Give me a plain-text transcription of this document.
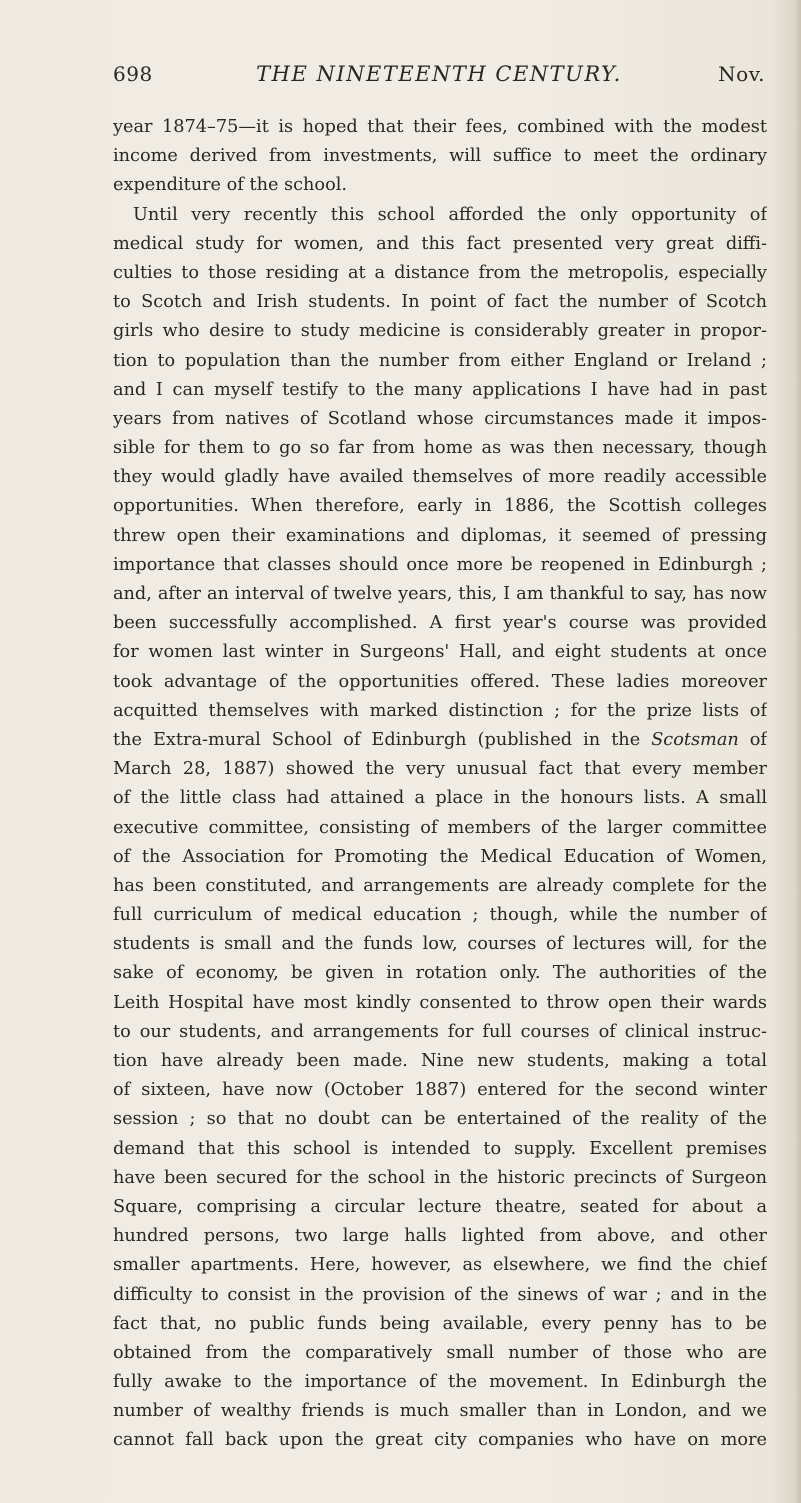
698	THE NINETEENTH CENTURY.	Nov.
year 1874–75—it is hoped that their fees, combined with the modest
income derived from investments, will suffice to meet the ordinary
expenditure of the school.
Until very recently this school afforded the only opportunity of
medical study for women, and this fact presented very great diffi-
culties to those residing at a distance from the metropolis, especially
to Scotch and Irish students. In point of fact the number of Scotch
girls who desire to study medicine is considerably greater in propor-
tion to population than the number from either England or Ireland ;
and I can myself testify to the many applications I have had in past
years from natives of Scotland whose circumstances made it impos-
sible for them to go so far from home as was then necessary, though
they would gladly have availed themselves of more readily accessible
opportunities. When therefore, early in 1886, the Scottish colleges
threw open their examinations and diplomas, it seemed of pressing
importance that classes should once more be reopened in Edinburgh ;
and, after an interval of twelve years, this, I am thankful to say, has now
been successfully accomplished. A first year's course was provided
for women last winter in Surgeons' Hall, and eight students at once
took advantage of the opportunities offered. These ladies moreover
acquitted themselves with marked distinction ; for the prize lists of
the Extra-mural School of Edinburgh (published in the Scotsman of
March 28, 1887) showed the very unusual fact that every member
of the little class had attained a place in the honours lists. A small
executive committee, consisting of members of the larger committee
of the Association for Promoting the Medical Education of Women,
has been constituted, and arrangements are already complete for the
full curriculum of medical education ; though, while the number of
students is small and the funds low, courses of lectures will, for the
sake of economy, be given in rotation only. The authorities of the
Leith Hospital have most kindly consented to throw open their wards
to our students, and arrangements for full courses of clinical instruc-
tion have already been made. Nine new students, making a total
of sixteen, have now (October 1887) entered for the second winter
session ; so that no doubt can be entertained of the reality of the
demand that this school is intended to supply. Excellent premises
have been secured for the school in the historic precincts of Surgeon
Square, comprising a circular lecture theatre, seated for about a
hundred persons, two large halls lighted from above, and other
smaller apartments. Here, however, as elsewhere, we find the chief
difficulty to consist in the provision of the sinews of war ; and in the
fact that, no public funds being available, every penny has to be
obtained from the comparatively small number of those who are
fully awake to the importance of the movement. In Edinburgh the
number of wealthy friends is much smaller than in London, and we
cannot fall back upon the great city companies who have on more
